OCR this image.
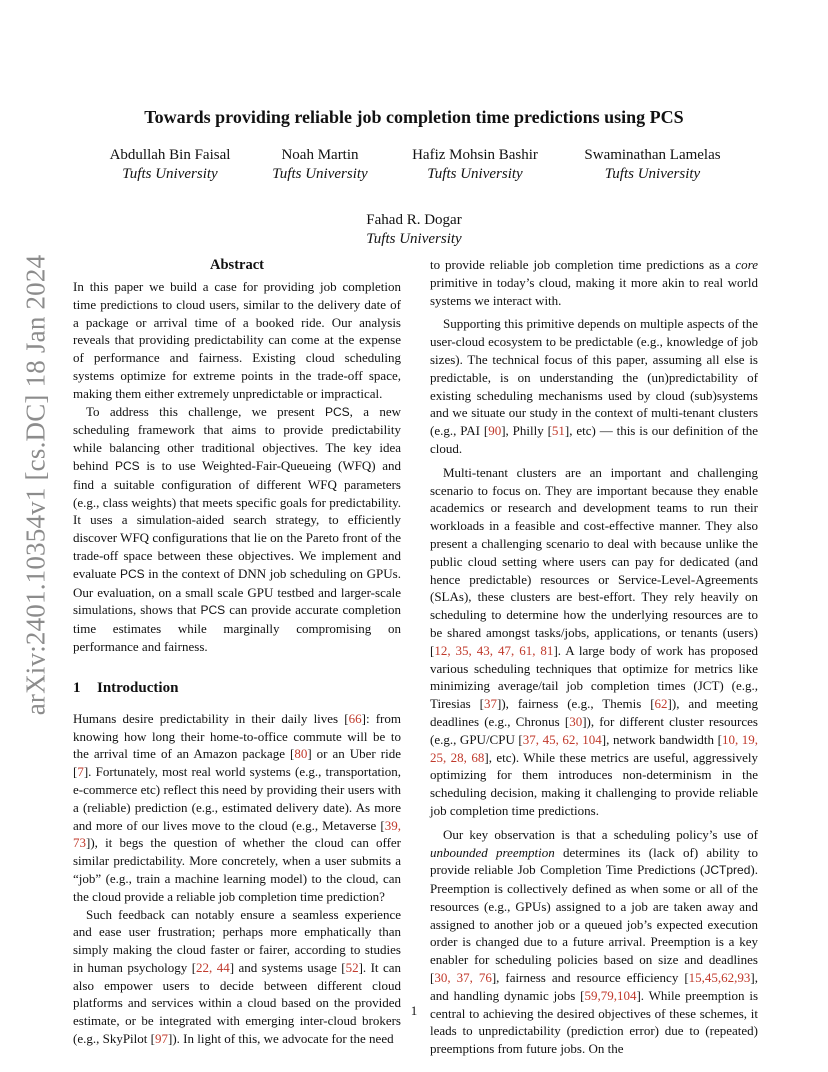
arXiv:2401.10354v1 [cs.DC] 18 Jan 2024
Towards providing reliable job completion time predictions using PCS
Abdullah Bin Faisal
Tufts University
Noah Martin
Tufts University
Hafiz Mohsin Bashir
Tufts University
Swaminathan Lamelas
Tufts University
Fahad R. Dogar
Tufts University
Abstract

In this paper we build a case for providing job completion time predictions to cloud users, similar to the delivery date of a package or arrival time of a booked ride. Our analysis reveals that providing predictability can come at the expense of performance and fairness. Existing cloud scheduling systems optimize for extreme points in the trade-off space, making them either extremely unpredictable or impractical.

To address this challenge, we present PCS, a new scheduling framework that aims to provide predictability while balancing other traditional objectives. The key idea behind PCS is to use Weighted-Fair-Queueing (WFQ) and find a suitable configuration of different WFQ parameters (e.g., class weights) that meets specific goals for predictability. It uses a simulation-aided search strategy, to efficiently discover WFQ configurations that lie on the Pareto front of the trade-off space between these objectives. We implement and evaluate PCS in the context of DNN job scheduling on GPUs. Our evaluation, on a small scale GPU testbed and larger-scale simulations, shows that PCS can provide accurate completion time estimates while marginally compromising on performance and fairness.

1 Introduction

Humans desire predictability in their daily lives [66]: from knowing how long their home-to-office commute will be to the arrival time of an Amazon package [80] or an Uber ride [7]. Fortunately, most real world systems (e.g., transportation, e-commerce etc) reflect this need by providing their users with a (reliable) prediction (e.g., estimated delivery date). As more and more of our lives move to the cloud (e.g., Metaverse [39, 73]), it begs the question of whether the cloud can offer similar predictability. More concretely, when a user submits a “job” (e.g., train a machine learning model) to the cloud, can the cloud provide a reliable job completion time prediction?

Such feedback can notably ensure a seamless experience and ease user frustration; perhaps more emphatically than simply making the cloud faster or fairer, according to studies in human psychology [22, 44] and systems usage [52]. It can also empower users to decide between different cloud platforms and services within a cloud based on the provided estimate, or be integrated with emerging inter-cloud brokers (e.g., SkyPilot [97]). In light of this, we advocate for the need

to provide reliable job completion time predictions as a core primitive in today’s cloud, making it more akin to real world systems we interact with.

Supporting this primitive depends on multiple aspects of the user-cloud ecosystem to be predictable (e.g., knowledge of job sizes). The technical focus of this paper, assuming all else is predictable, is on understanding the (un)predictability of existing scheduling mechanisms used by cloud (sub)systems and we situate our study in the context of multi-tenant clusters (e.g., PAI [90], Philly [51], etc) — this is our definition of the cloud.

Multi-tenant clusters are an important and challenging scenario to focus on. They are important because they enable academics or research and development teams to run their workloads in a feasible and cost-effective manner. They also present a challenging scenario to deal with because unlike the public cloud setting where users can pay for dedicated (and hence predictable) resources or Service-Level-Agreements (SLAs), these clusters are best-effort. They rely heavily on scheduling to determine how the underlying resources are to be shared amongst tasks/jobs, applications, or tenants (users) [12, 35, 43, 47, 61, 81]. A large body of work has proposed various scheduling techniques that optimize for metrics like minimizing average/tail job completion times (JCT) (e.g., Tiresias [37]), fairness (e.g., Themis [62]), and meeting deadlines (e.g., Chronus [30]), for different cluster resources (e.g., GPU/CPU [37, 45, 62, 104], network bandwidth [10, 19, 25, 28, 68], etc). While these metrics are useful, aggressively optimizing for them introduces non-determinism in the scheduling decision, making it challenging to provide reliable job completion time predictions.

Our key observation is that a scheduling policy’s use of unbounded preemption determines its (lack of) ability to provide reliable Job Completion Time Predictions (JCTpred). Preemption is collectively defined as when some or all of the resources (e.g., GPUs) assigned to a job are taken away and assigned to another job or a queued job’s expected execution order is changed due to a future arrival. Preemption is a key enabler for scheduling policies based on size and deadlines [30, 37, 76], fairness and resource efficiency [15,45,62,93], and handling dynamic jobs [59,79,104]. While preemption is central to achieving the desired objectives of these schemes, it leads to unpredictability (prediction error) due to (repeated) preemptions from future jobs. On the

1
